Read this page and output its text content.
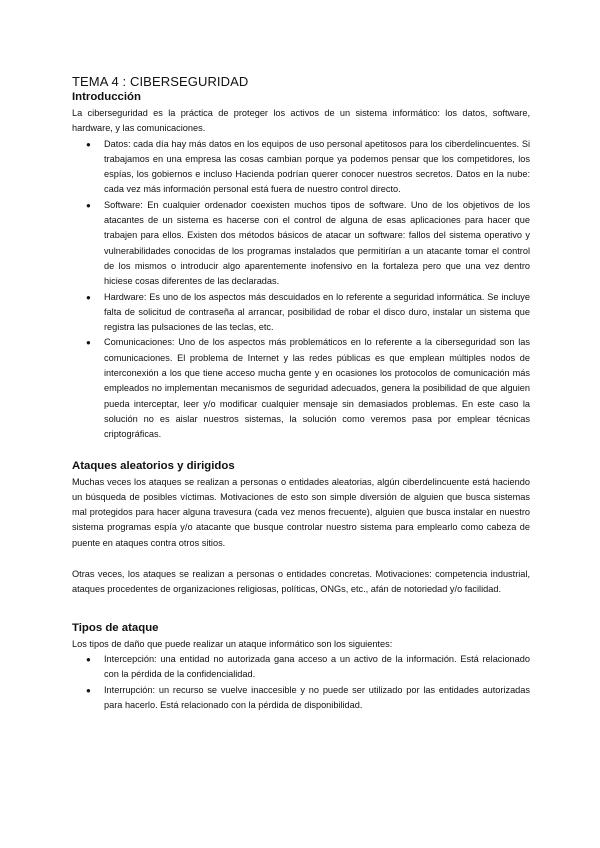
TEMA 4 : CIBERSEGURIDAD
Introducción

La ciberseguridad es la práctica de proteger los activos de un sistema informático: los datos, software, hardware, y las comunicaciones.

● Datos: cada día hay más datos en los equipos de uso personal apetitosos para los ciberdelincuentes. Si trabajamos en una empresa las cosas cambian porque ya podemos pensar que los competidores, los espías, los gobiernos e incluso Hacienda podrían querer conocer nuestros secretos. Datos en la nube: cada vez más información personal está fuera de nuestro control directo.
● Software: En cualquier ordenador coexisten muchos tipos de software. Uno de los objetivos de los atacantes de un sistema es hacerse con el control de alguna de esas aplicaciones para hacer que trabajen para ellos. Existen dos métodos básicos de atacar un software: fallos del sistema operativo y vulnerabilidades conocidas de los programas instalados que permitirían a un atacante tomar el control de los mismos o introducir algo aparentemente inofensivo en la fortaleza pero que una vez dentro hiciese cosas diferentes de las declaradas.
● Hardware: Es uno de los aspectos más descuidados en lo referente a seguridad informática. Se incluye falta de solicitud de contraseña al arrancar, posibilidad de robar el disco duro, instalar un sistema que registra las pulsaciones de las teclas, etc.
● Comunicaciones: Uno de los aspectos más problemáticos en lo referente a la ciberseguridad son las comunicaciones. El problema de Internet y las redes públicas es que emplean múltiples nodos de interconexión a los que tiene acceso mucha gente y en ocasiones los protocolos de comunicación más empleados no implementan mecanismos de seguridad adecuados, genera la posibilidad de que alguien pueda interceptar, leer y/o modificar cualquier mensaje sin demasiados problemas. En este caso la solución no es aislar nuestros sistemas, la solución como veremos pasa por emplear técnicas criptográficas.
Ataques aleatorios y dirigidos

Muchas veces los ataques se realizan a personas o entidades aleatorias, algún ciberdelincuente está haciendo un búsqueda de posibles víctimas. Motivaciones de esto son simple diversión de alguien que busca sistemas mal protegidos para hacer alguna travesura (cada vez menos frecuente), alguien que busca instalar en nuestro sistema programas espía y/o atacante que busque controlar nuestro sistema para emplearlo como cabeza de puente en ataques contra otros sitios.

Otras veces, los ataques se realizan a personas o entidades concretas. Motivaciones: competencia industrial, ataques procedentes de organizaciones religiosas, políticas, ONGs, etc., afán de notoriedad y/o facilidad.

Tipos de ataque

Los tipos de daño que puede realizar un ataque informático son los siguientes:

● Intercepción: una entidad no autorizada gana acceso a un activo de la información. Está relacionado con la pérdida de la confidencialidad.
● Interrupción: un recurso se vuelve inaccesible y no puede ser utilizado por las entidades autorizadas para hacerlo. Está relacionado con la pérdida de disponibilidad.
